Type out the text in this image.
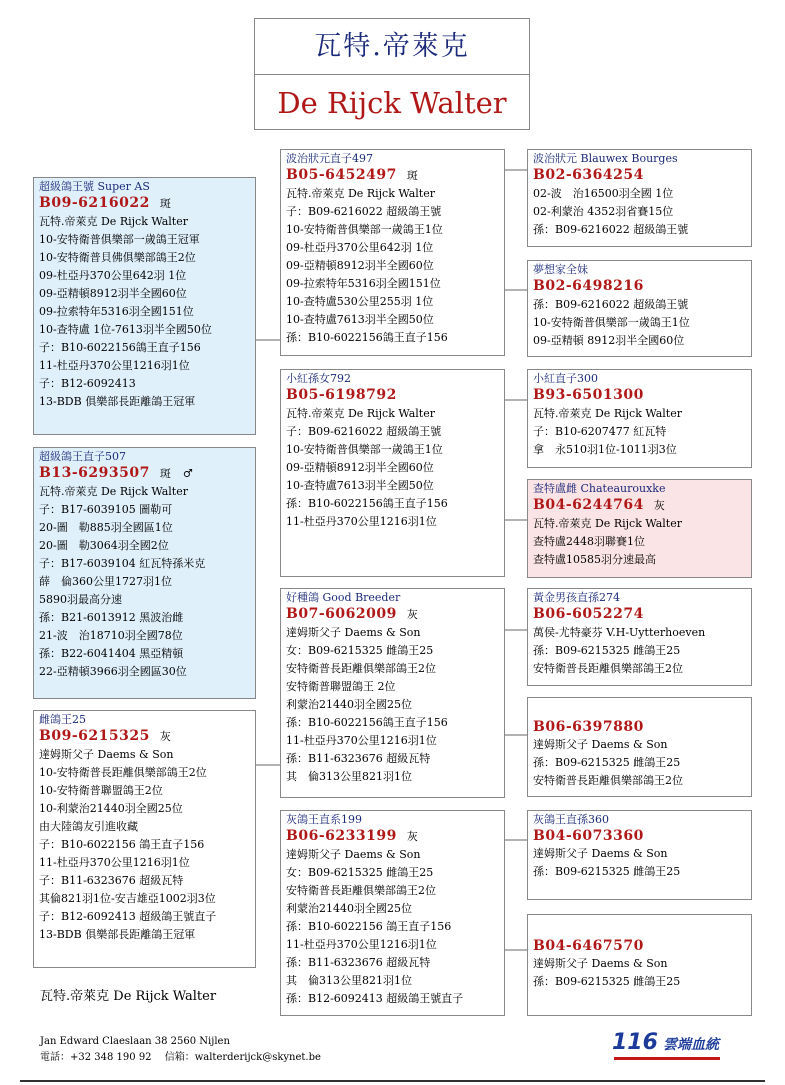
瓦特.帝萊克
De Rijck Walter
超級鴿王號 Super AS
B09-6216022 斑
瓦特.帝萊克 De Rijck Walter
10-安特衛普俱樂部一歲鴿王冠軍
10-安特衛普貝佛俱樂部鴿王2位
09-杜亞丹370公里642羽 1位
09-亞精頓8912羽半全國60位
09-拉索特年5316羽全國151位
10-查特盧 1位-7613羽半全國50位
子：B10-6022156鴿王直子156
11-杜亞丹370公里1216羽1位
子：B12-6092413
13-BDB 俱樂部長距離鴿王冠軍
超級鴿王直子507
B13-6293507 斑　♂
瓦特.帝萊克 De Rijck Walter
子：B17-6039105 圖勒可
20-圖　勒885羽全國區1位
20-圖　勒3064羽全國2位
子：B17-6039104 紅瓦特孫米克
薛　倫360公里1727羽1位
5890羽最高分速
孫：B21-6013912 黑波治雌
21-波　治18710羽全國78位
孫：B22-6041404 黑亞精頓
22-亞精頓3966羽全國區30位
雌鴿王25
B09-6215325 灰
達姆斯父子 Daems & Son
10-安特衛普長距離俱樂部鴿王2位
10-安特衛普聯盟鴿王2位
10-利蒙治21440羽全國25位
由大陸鴿友引進收藏
子：B10-6022156 鴿王直子156
11-杜亞丹370公里1216羽1位
子：B11-6323676 超級瓦特
其倫821羽1位-安吉雄亞1002羽3位
子：B12-6092413 超級鴿王號直子
13-BDB 俱樂部長距離鴿王冠軍
波治狀元直子497
B05-6452497 斑
瓦特.帝萊克 De Rijck Walter
子：B09-6216022 超級鴿王號
10-安特衛普俱樂部一歲鴿王1位
09-杜亞丹370公里642羽 1位
09-亞精頓8912羽半全國60位
09-拉索特年5316羽全國151位
10-查特盧530公里255羽 1位
10-查特盧7613羽半全國50位
孫：B10-6022156鴿王直子156
小紅孫女792
B05-6198792
瓦特.帝萊克 De Rijck Walter
子：B09-6216022 超級鴿王號
10-安特衛普俱樂部一歲鴿王1位
09-亞精頓8912羽半全國60位
10-查特盧7613羽半全國50位
孫：B10-6022156鴿王直子156
11-杜亞丹370公里1216羽1位
好種鴿 Good Breeder
B07-6062009 灰
達姆斯父子 Daems & Son
女：B09-6215325 雌鴿王25
安特衛普長距離俱樂部鴿王2位
安特衛普聯盟鴿王 2位
利蒙治21440羽全國25位
孫：B10-6022156鴿王直子156
11-杜亞丹370公里1216羽1位
孫：B11-6323676 超級瓦特
其　倫313公里821羽1位
灰鴿王直系199
B06-6233199 灰
達姆斯父子 Daems & Son
女：B09-6215325 雌鴿王25
安特衛普長距離俱樂部鴿王2位
利蒙治21440羽全國25位
孫：B10-6022156 鴿王直子156
11-杜亞丹370公里1216羽1位
孫：B11-6323676 超級瓦特
其　倫313公里821羽1位
孫：B12-6092413 超級鴿王號直子
波治狀元 Blauwex Bourges
B02-6364254
02-波　治16500羽全國 1位
02-利蒙治 4352羽省賽15位
孫：B09-6216022 超級鴿王號
夢想家全妹
B02-6498216
孫：B09-6216022 超級鴿王號
10-安特衛普俱樂部一歲鴿王1位
09-亞精頓 8912羽半全國60位
小紅直子300
B93-6501300
瓦特.帝萊克 De Rijck Walter
子：B10-6207477 紅瓦特
拿　永510羽1位-1011羽3位
查特盧雌 Chateaurouxke
B04-6244764 灰
瓦特.帝萊克 De Rijck Walter
查特盧2448羽聯賽1位
查特盧10585羽分速最高
黃金男孩直孫274
B06-6052274
萬侯-尤特豪芬 V.H-Uytterhoeven
孫：B09-6215325 雌鴿王25
安特衛普長距離俱樂部鴿王2位
B06-6397880
達姆斯父子 Daems & Son
孫：B09-6215325 雌鴿王25
安特衛普長距離俱樂部鴿王2位
灰鴿王直孫360
B04-6073360
達姆斯父子 Daems & Son
孫：B09-6215325 雌鴿王25
B04-6467570
達姆斯父子 Daems & Son
孫：B09-6215325 雌鴿王25
瓦特.帝萊克 De Rijck Walter
Jan Edward Claeslaan 38 2560 Nijlen
電話：+32 348 190 92　 信箱：walterderijck@skynet.be
116 雲端血統
